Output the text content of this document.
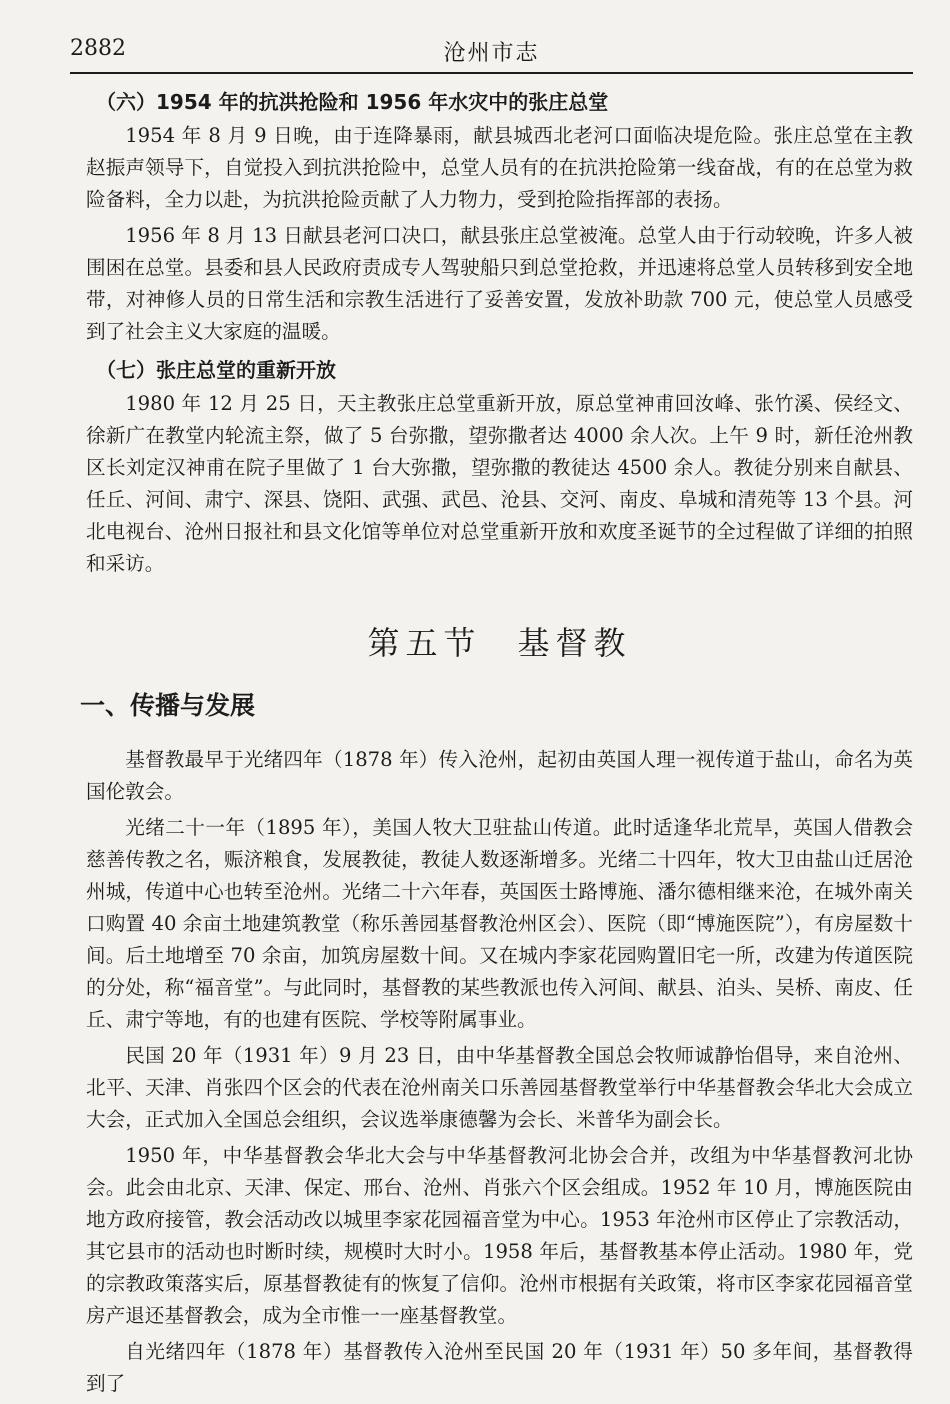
2882	沧州市志
（六）1954 年的抗洪抢险和 1956 年水灾中的张庄总堂

1954 年 8 月 9 日晚，由于连降暴雨，献县城西北老河口面临决堤危险。张庄总堂在主教赵振声领导下，自觉投入到抗洪抢险中，总堂人员有的在抗洪抢险第一线奋战，有的在总堂为救险备料，全力以赴，为抗洪抢险贡献了人力物力，受到抢险指挥部的表扬。

1956 年 8 月 13 日献县老河口决口，献县张庄总堂被淹。总堂人由于行动较晚，许多人被围困在总堂。县委和县人民政府责成专人驾驶船只到总堂抢救，并迅速将总堂人员转移到安全地带，对神修人员的日常生活和宗教生活进行了妥善安置，发放补助款 700 元，使总堂人员感受到了社会主义大家庭的温暖。

（七）张庄总堂的重新开放

1980 年 12 月 25 日，天主教张庄总堂重新开放，原总堂神甫回汝峰、张竹溪、侯经文、徐新广在教堂内轮流主祭，做了 5 台弥撒，望弥撒者达 4000 余人次。上午 9 时，新任沧州教区长刘定汉神甫在院子里做了 1 台大弥撒，望弥撒的教徒达 4500 余人。教徒分别来自献县、任丘、河间、肃宁、深县、饶阳、武强、武邑、沧县、交河、南皮、阜城和清苑等 13 个县。河北电视台、沧州日报社和县文化馆等单位对总堂重新开放和欢度圣诞节的全过程做了详细的拍照和采访。

第五节 基督教
一、传播与发展

基督教最早于光绪四年（1878 年）传入沧州，起初由英国人理一视传道于盐山，命名为英国伦敦会。

光绪二十一年（1895 年），美国人牧大卫驻盐山传道。此时适逢华北荒旱，英国人借教会慈善传教之名，赈济粮食，发展教徒，教徒人数逐渐增多。光绪二十四年，牧大卫由盐山迁居沧州城，传道中心也转至沧州。光绪二十六年春，英国医士路博施、潘尔德相继来沧，在城外南关口购置 40 余亩土地建筑教堂（称乐善园基督教沧州区会）、医院（即“博施医院”），有房屋数十间。后土地增至 70 余亩，加筑房屋数十间。又在城内李家花园购置旧宅一所，改建为传道医院的分处，称“福音堂”。与此同时，基督教的某些教派也传入河间、献县、泊头、吴桥、南皮、任丘、肃宁等地，有的也建有医院、学校等附属事业。

民国 20 年（1931 年）9 月 23 日，由中华基督教全国总会牧师诚静怡倡导，来自沧州、北平、天津、肖张四个区会的代表在沧州南关口乐善园基督教堂举行中华基督教会华北大会成立大会，正式加入全国总会组织，会议选举康德馨为会长、米普华为副会长。

1950 年，中华基督教会华北大会与中华基督教河北协会合并，改组为中华基督教河北协会。此会由北京、天津、保定、邢台、沧州、肖张六个区会组成。1952 年 10 月，博施医院由地方政府接管，教会活动改以城里李家花园福音堂为中心。1953 年沧州市区停止了宗教活动，其它县市的活动也时断时续，规模时大时小。1958 年后，基督教基本停止活动。1980 年，党的宗教政策落实后，原基督教徒有的恢复了信仰。沧州市根据有关政策，将市区李家花园福音堂房产退还基督教会，成为全市惟一一座基督教堂。

自光绪四年（1878 年）基督教传入沧州至民国 20 年（1931 年）50 多年间，基督教得到了
